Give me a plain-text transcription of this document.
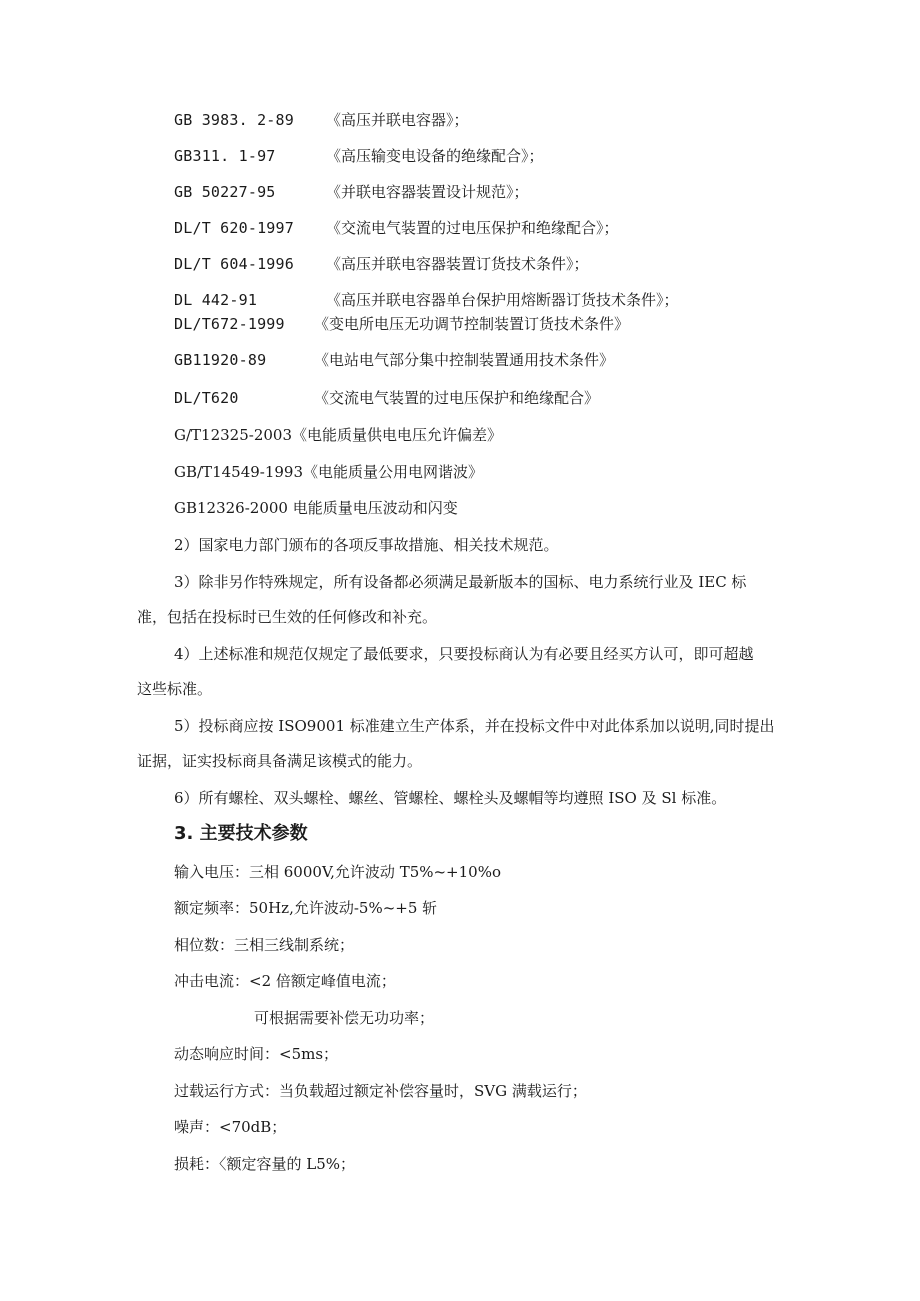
GB 3983. 2-89 《高压并联电容器》；
GB311. 1-97	《高压输变电设备的绝缘配合》；
GB 50227-95	《并联电容器装置设计规范》；
DL/T 620-1997 《交流电气装置的过电压保护和绝缘配合》；
DL/T 604-1996 《高压并联电容器装置订货技术条件》；
DL 442-91	《高压并联电容器单台保护用熔断器订货技术条件》；
DL/T672-1999 《变电所电压无功调节控制装置订货技术条件》
GB11920-89	《电站电气部分集中控制装置通用技术条件》
DL/T620	《交流电气装置的过电压保护和绝缘配合》
G/T12325-2003《电能质量供电电压允许偏差》
GB/T14549-1993《电能质量公用电网谐波》
GB12326-2000 电能质量电压波动和闪变
2）国家电力部门颁布的各项反事故措施、相关技术规范。
3）除非另作特殊规定，所有设备都必须满足最新版本的国标、电力系统行业及 IEC 标
准，包括在投标时已生效的任何修改和补充。
4）上述标准和规范仅规定了最低要求，只要投标商认为有必要且经买方认可，即可超越
这些标准。
5）投标商应按 ISO9001 标准建立生产体系，并在投标文件中对此体系加以说明,同时提出
证据，证实投标商具备满足该模式的能力。
6）所有螺栓、双头螺栓、螺丝、管螺栓、螺栓头及螺帽等均遵照 ISO 及 Sl 标准。
3. 主要技术参数
输入电压：三相 6000V,允许波动 T5%~+10%o
额定频率：50Hz,允许波动-5%~+5 斩
相位数：三相三线制系统；
冲击电流：<2 倍额定峰值电流；
可根据需要补偿无功功率；
动态响应时间：<5ms；
过载运行方式：当负载超过额定补偿容量时，SVG 满载运行；
噪声：<70dB；
损耗：〈额定容量的 L5%；
